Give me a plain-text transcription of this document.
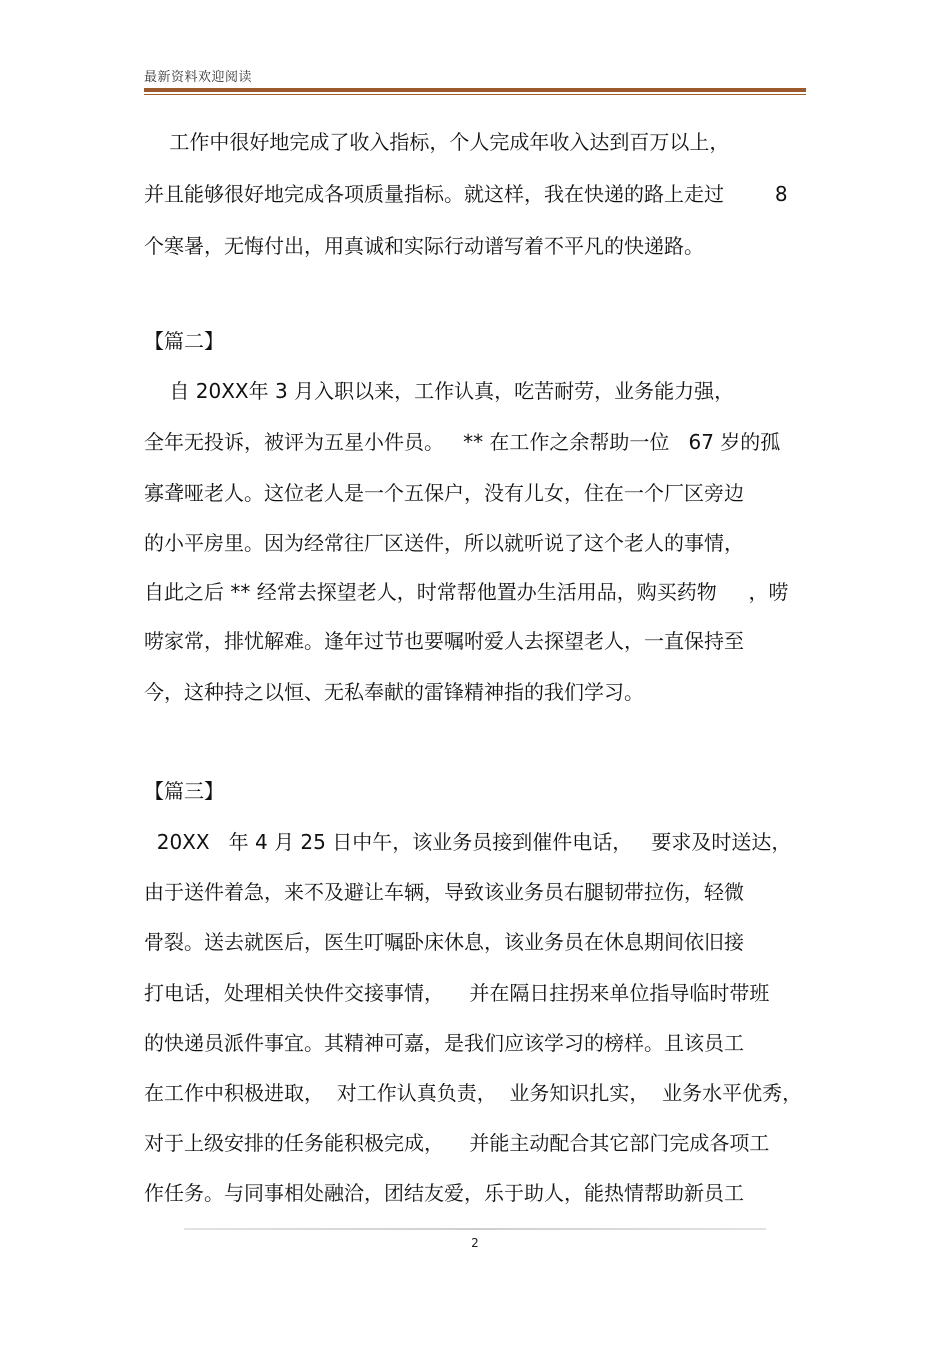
最新资料欢迎阅读
工作中很好地完成了收入指标，个人完成年收入达到百万以上，
并且能够很好地完成各项质量指标。就这样，我在快递的路上走过        8
个寒暑，无悔付出，用真诚和实际行动谱写着不平凡的快递路。
【篇二】
自 20XX年 3 月入职以来，工作认真，吃苦耐劳，业务能力强，
全年无投诉，被评为五星小件员。   ** 在工作之余帮助一位   67 岁的孤
寡聋哑老人。这位老人是一个五保户，没有儿女，住在一个厂区旁边
的小平房里。因为经常往厂区送件，所以就听说了这个老人的事情，
自此之后 ** 经常去探望老人，时常帮他置办生活用品，购买药物     ，唠
唠家常，排忧解难。逢年过节也要嘱咐爱人去探望老人，一直保持至
今，这种持之以恒、无私奉献的雷锋精神指的我们学习。
【篇三】
20XX   年 4 月 25 日中午，该业务员接到催件电话，   要求及时送达，
由于送件着急，来不及避让车辆，导致该业务员右腿韧带拉伤，轻微
骨裂。送去就医后，医生叮嘱卧床休息，该业务员在休息期间依旧接
打电话，处理相关快件交接事情，    并在隔日拄拐来单位指导临时带班
的快递员派件事宜。其精神可嘉，是我们应该学习的榜样。且该员工
在工作中积极进取，  对工作认真负责，  业务知识扎实，  业务水平优秀，
对于上级安排的任务能积极完成，    并能主动配合其它部门完成各项工
作任务。与同事相处融洽，团结友爱，乐于助人，能热情帮助新员工
2
